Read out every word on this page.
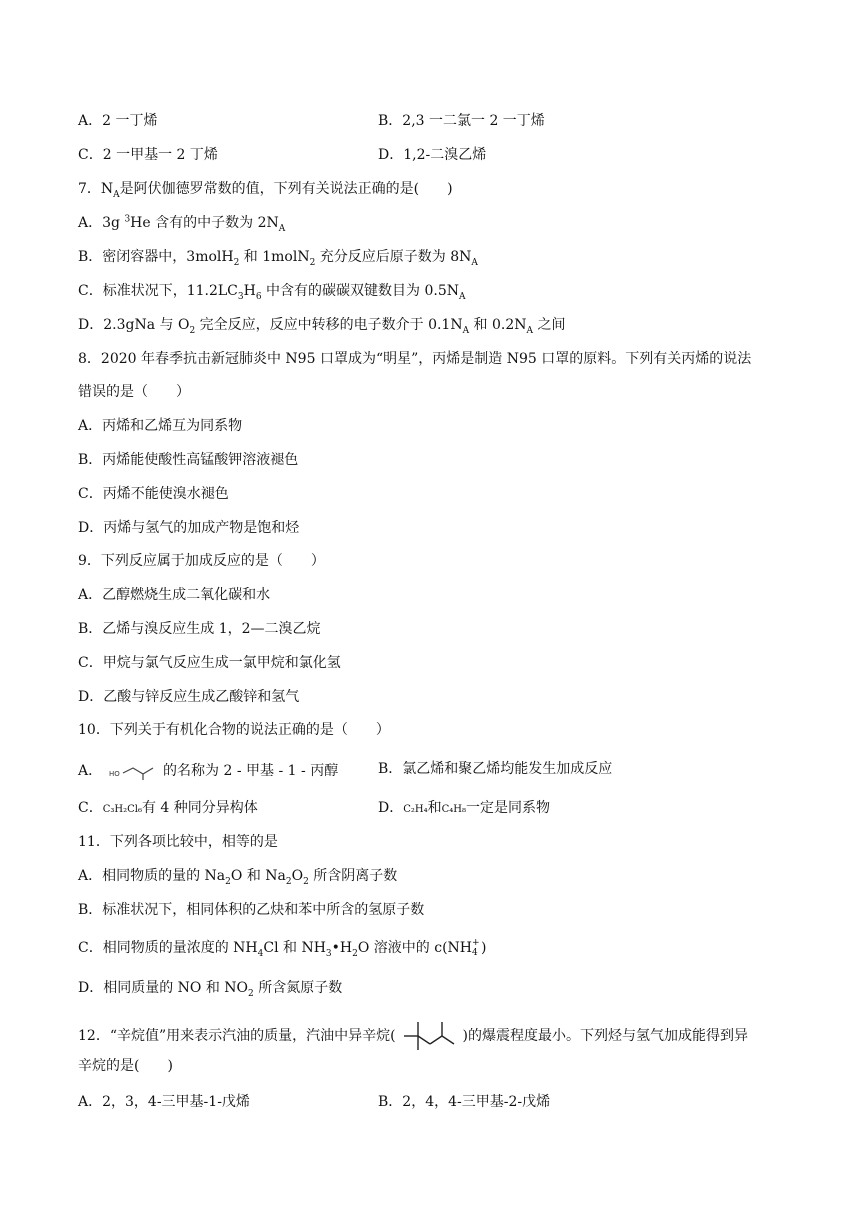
A．2 一丁烯	B．2,3 一二氯一 2 一丁烯
C．2 一甲基一 2 丁烯	D．1,2-二溴乙烯
7．$N_A$是阿伏伽德罗常数的值，下列有关说法正确的是(　　)
A．3g $^3$He 含有的中子数为 $2N_A$
B．密闭容器中，3molH$_2$ 和 1molN$_2$ 充分反应后原子数为 $8N_A$
C．标准状况下，$11.2LC_3H_6$ 中含有的碳碳双键数目为 $0.5N_A$
D．2.3gNa 与 $O_2$ 完全反应，反应中转移的电子数介于 $0.1N_A$ 和 $0.2N_A$ 之间
8．2020 年春季抗击新冠肺炎中 N95 口罩成为“明星”，丙烯是制造 N95 口罩的原料。下列有关丙烯的说法
错误的是（　　）
A．丙烯和乙烯互为同系物
B．丙烯能使酸性高锰酸钾溶液褪色
C．丙烯不能使溴水褪色
D．丙烯与氢气的加成产物是饱和烃
9．下列反应属于加成反应的是（　　）
A．乙醇燃烧生成二氧化碳和水
B．乙烯与溴反应生成 1，2—二溴乙烷
C．甲烷与氯气反应生成一氯甲烷和氯化氢
D．乙酸与锌反应生成乙酸锌和氢气
10．下列关于有机化合物的说法正确的是（　　）
A． HO	的名称为 2 - 甲基 - 1 - 丙醇	B．氯乙烯和聚乙烯均能发生加成反应
C．C₃H₂Cl₆有 4 种同分异构体	D．C₂H₄和C₄H₈一定是同系物
11．下列各项比较中，相等的是
A．相同物质的量的 $Na_2O$ 和 $Na_2O_2$ 所含阴离子数
B．标准状况下，相同体积的乙炔和苯中所含的氢原子数
C．相同物质的量浓度的 $NH_4Cl$ 和 $NH_3•H_2O$ 溶液中的 c(NH +
4 )
D．相同质量的 NO 和 $NO_2$ 所含氮原子数
12．“辛烷值”用来表示汽油的质量，汽油中异辛烷(	)的爆震程度最小。下列烃与氢气加成能得到异
辛烷的是(　　)
A．2，3，4-三甲基-1-戊烯	B．2，4，4-三甲基-2-戊烯
